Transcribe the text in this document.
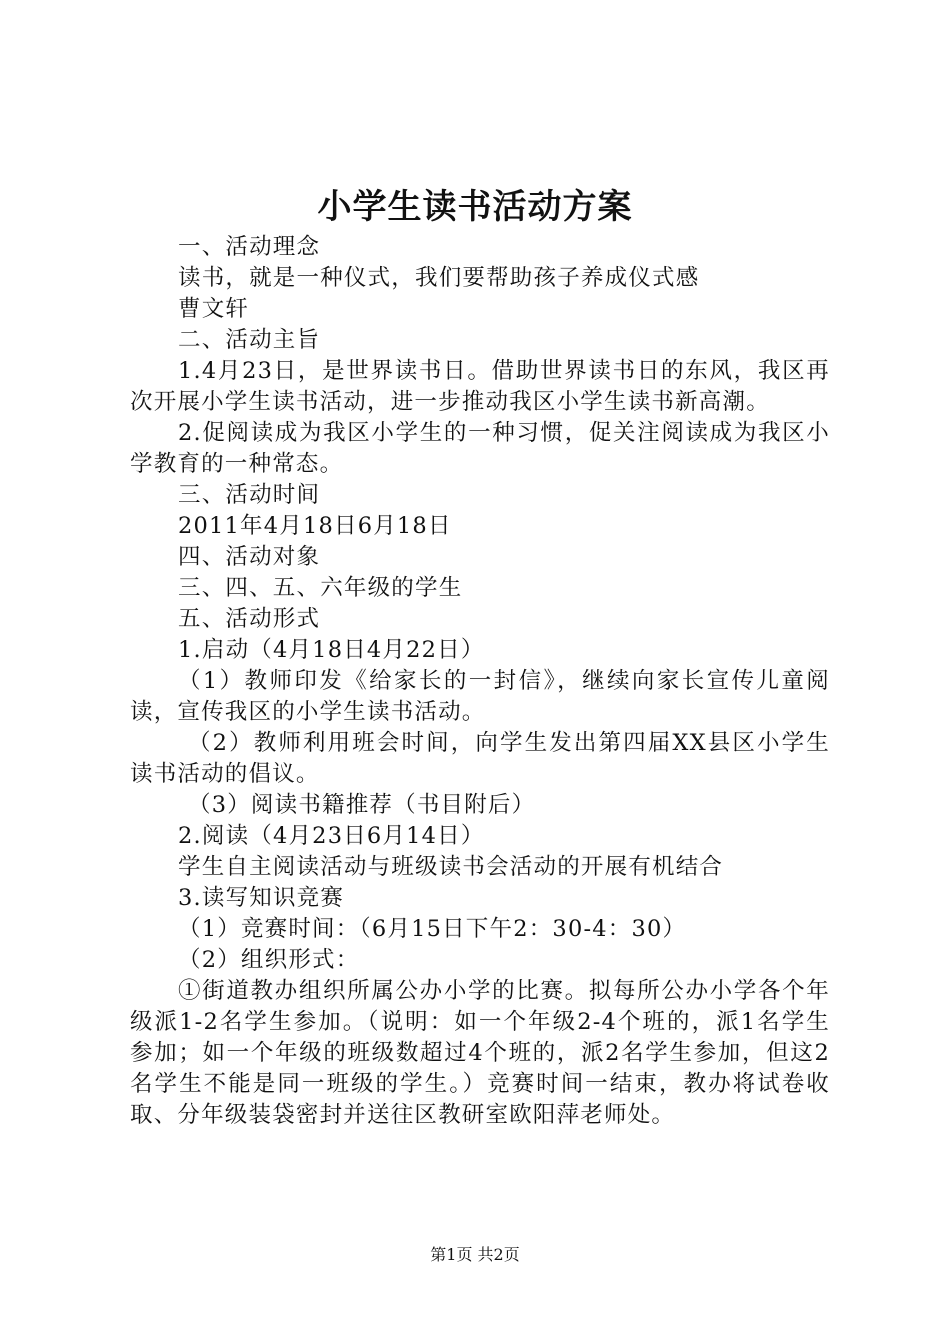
小学生读书活动方案

一、活动理念

读书，就是一种仪式，我们要帮助孩子养成仪式感

曹文轩

二、活动主旨

1.4月23日，是世界读书日。借助世界读书日的东风，我区再次开展小学生读书活动，进一步推动我区小学生读书新高潮。

2.促阅读成为我区小学生的一种习惯，促关注阅读成为我区小学教育的一种常态。

三、活动时间

2011年4月18日6月18日

四、活动对象

三、四、五、六年级的学生

五、活动形式

1.启动（4月18日4月22日）

（1）教师印发《给家长的一封信》，继续向家长宣传儿童阅读，宣传我区的小学生读书活动。

（2）教师利用班会时间，向学生发出第四届XX县区小学生读书活动的倡议。

（3）阅读书籍推荐（书目附后）

2.阅读（4月23日6月14日）

学生自主阅读活动与班级读书会活动的开展有机结合

3.读写知识竞赛

（1）竞赛时间：（6月15日下午2：30-4：30）

（2）组织形式：

①街道教办组织所属公办小学的比赛。拟每所公办小学各个年级派1-2名学生参加。（说明：如一个年级2-4个班的，派1名学生参加；如一个年级的班级数超过4个班的，派2名学生参加，但这2名学生不能是同一班级的学生。）竞赛时间一结束，教办将试卷收取、分年级装袋密封并送往区教研室欧阳萍老师处。

第1页 共2页
